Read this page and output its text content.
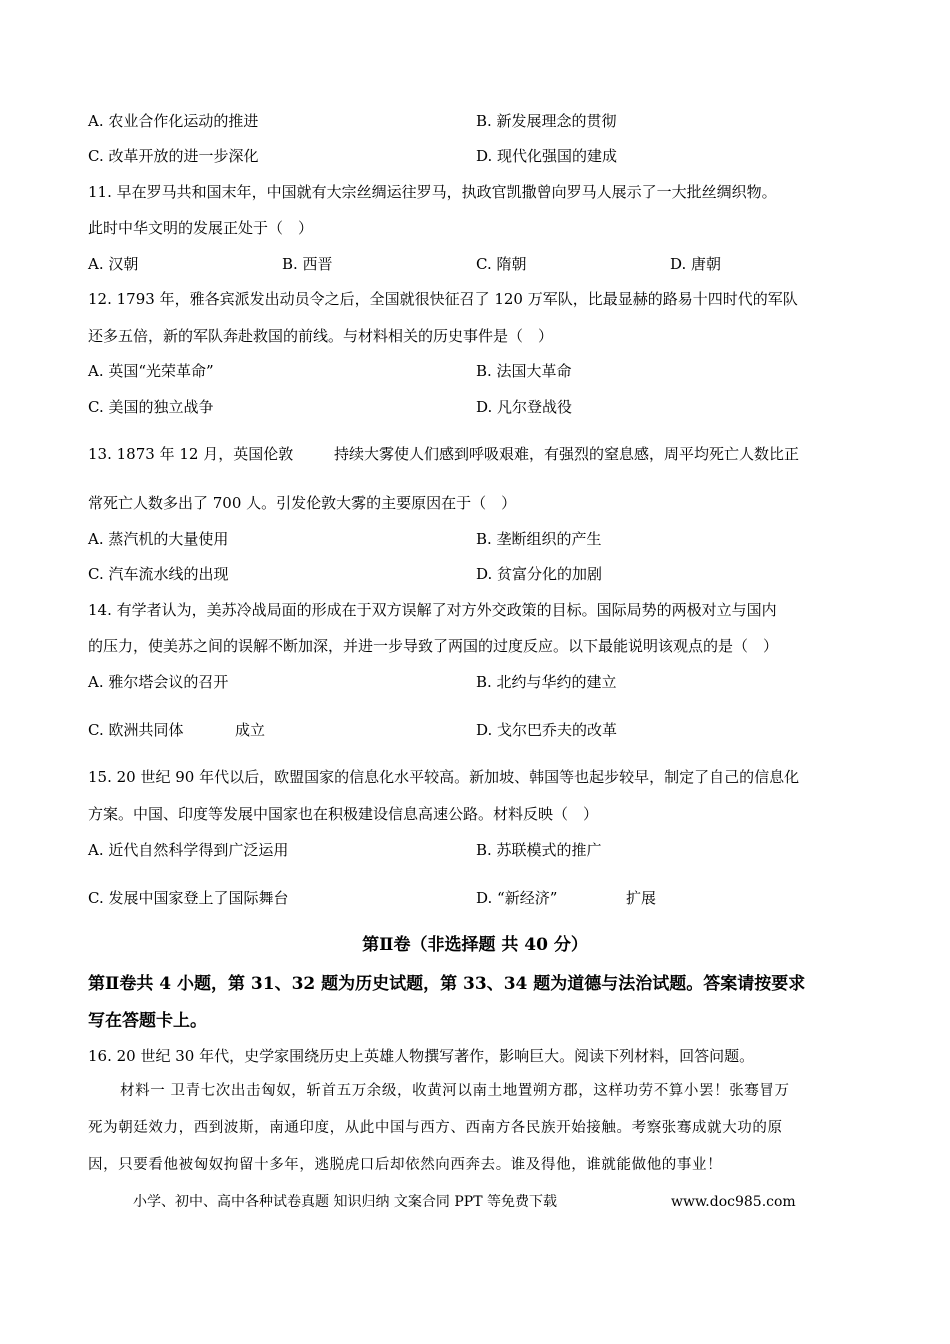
A. 农业合作化运动的推进	B. 新发展理念的贯彻
C. 改革开放的进一步深化	D. 现代化强国的建成
11. 早在罗马共和国末年，中国就有大宗丝绸运往罗马，执政官凯撒曾向罗马人展示了一大批丝绸织物。
此时中华文明的发展正处于（　）
A. 汉朝	B. 西晋	C. 隋朝	D. 唐朝
12. 1793 年，雅各宾派发出动员令之后，全国就很快征召了 120 万军队，比最显赫的路易十四时代的军队
还多五倍，新的军队奔赴救国的前线。与材料相关的历史事件是（　）
A. 英国“光荣革命”	B. 法国大革命
C. 美国的独立战争	D. 凡尔登战役
13. 1873 年 12 月，英国伦敦	持续大雾使人们感到呼吸艰难，有强烈的窒息感，周平均死亡人数比正
常死亡人数多出了 700 人。引发伦敦大雾的主要原因在于（　）
A. 蒸汽机的大量使用	B. 垄断组织的产生
C. 汽车流水线的出现	D. 贫富分化的加剧
14. 有学者认为，美苏冷战局面的形成在于双方误解了对方外交政策的目标。国际局势的两极对立与国内
的压力，使美苏之间的误解不断加深，并进一步导致了两国的过度反应。以下最能说明该观点的是（　）
A. 雅尔塔会议的召开	B. 北约与华约的建立
C. 欧洲共同体	成立	D. 戈尔巴乔夫的改革
15. 20 世纪 90 年代以后，欧盟国家的信息化水平较高。新加坡、韩国等也起步较早，制定了自己的信息化
方案。中国、印度等发展中国家也在积极建设信息高速公路。材料反映（　）
A. 近代自然科学得到广泛运用	B. 苏联模式的推广
C. 发展中国家登上了国际舞台	D. “新经济”	扩展
第Ⅱ卷（非选择题 共 40 分）
第Ⅱ卷共 4 小题，第 31、32 题为历史试题，第 33、34 题为道德与法治试题。答案请按要求
写在答题卡上。
16. 20 世纪 30 年代，史学家围绕历史上英雄人物撰写著作，影响巨大。阅读下列材料，回答问题。
材料一 卫青七次出击匈奴，斩首五万余级，收黄河以南土地置朔方郡，这样功劳不算小罢！张骞冒万
死为朝廷效力，西到波斯，南通印度，从此中国与西方、西南方各民族开始接触。考察张骞成就大功的原
因，只要看他被匈奴拘留十多年，逃脱虎口后却依然向西奔去。谁及得他，谁就能做他的事业！
小学、初中、高中各种试卷真题 知识归纳 文案合同 PPT 等免费下载	www.doc985.com
